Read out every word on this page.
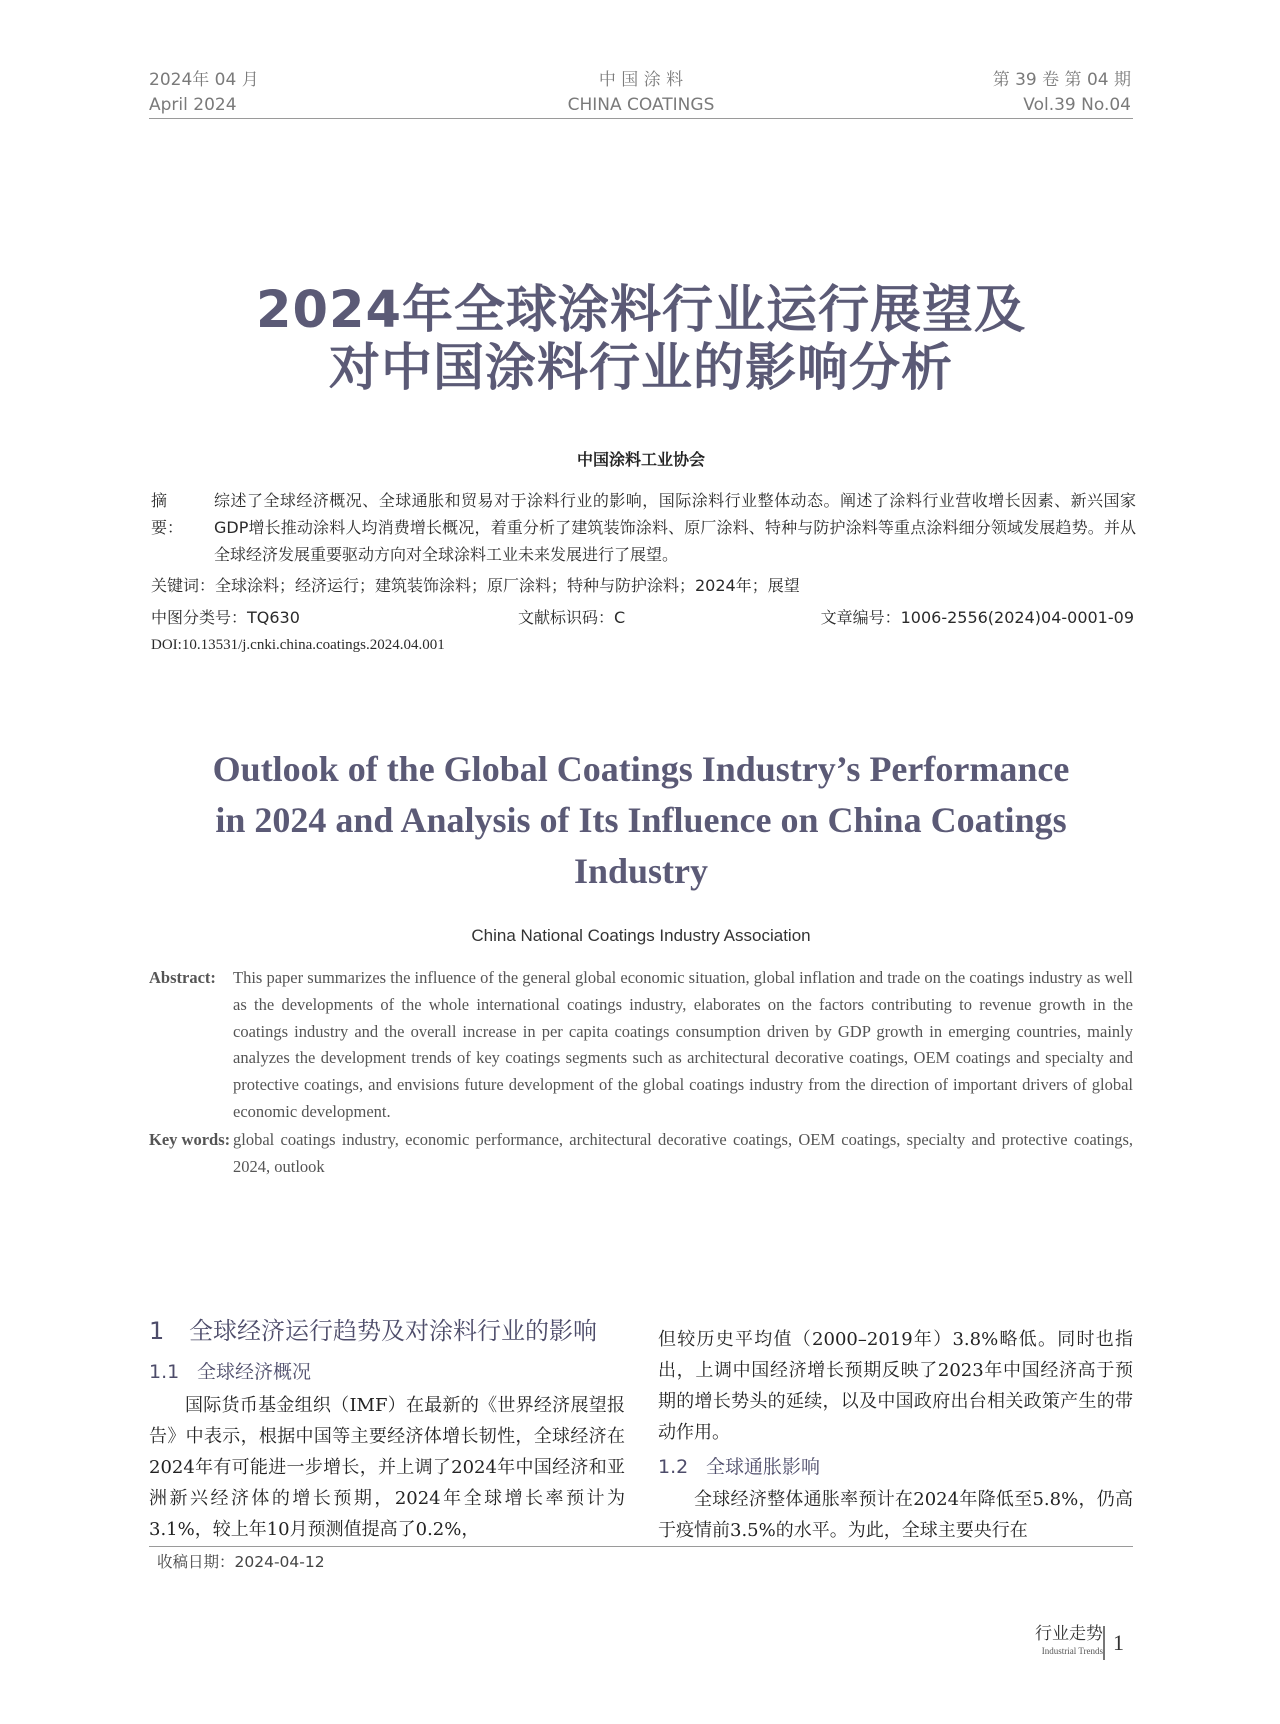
2024年 04 月
April 2024
中 国 涂 料
CHINA COATINGS
第 39 卷 第 04 期
Vol.39 No.04
2024年全球涂料行业运行展望及
对中国涂料行业的影响分析
中国涂料工业协会
摘　要：
综述了全球经济概况、全球通胀和贸易对于涂料行业的影响，国际涂料行业整体动态。阐述了涂料行业营收增长因素、新兴国家GDP增长推动涂料人均消费增长概况，着重分析了建筑装饰涂料、原厂涂料、特种与防护涂料等重点涂料细分领域发展趋势。并从全球经济发展重要驱动方向对全球涂料工业未来发展进行了展望。
关键词：全球涂料；经济运行；建筑装饰涂料；原厂涂料；特种与防护涂料；2024年；展望
中图分类号：TQ630	文献标识码：C	文章编号：1006-2556(2024)04-0001-09
DOI:10.13531/j.cnki.china.coatings.2024.04.001
Outlook of the Global Coatings Industry’s Performance
in 2024 and Analysis of Its Influence on China Coatings
Industry
China National Coatings Industry Association
Abstract:	This paper summarizes the influence of the general global economic situation, global inflation and trade on the coatings industry as well as the developments of the whole international coatings industry, elaborates on the factors contributing to revenue growth in the coatings industry and the overall increase in per capita coatings consumption driven by GDP growth in emerging countries, mainly analyzes the development trends of key coatings segments such as architectural decorative coatings, OEM coatings and specialty and protective coatings, and envisions future development of the global coatings industry from the direction of important drivers of global economic development.
Key words: global coatings industry, economic performance, architectural decorative coatings, OEM coatings, specialty and protective coatings, 2024, outlook
1 全球经济运行趋势及对涂料行业的影响
1.1 全球经济概况

国际货币基金组织（IMF）在最新的《世界经济展望报告》中表示，根据中国等主要经济体增长韧性，全球经济在2024年有可能进一步增长，并上调了2024年中国经济和亚洲新兴经济体的增长预期，2024年全球增长率预计为3.1%，较上年10月预测值提高了0.2%，

但较历史平均值（2000–2019年）3.8%略低。同时也指出，上调中国经济增长预期反映了2023年中国经济高于预期的增长势头的延续，以及中国政府出台相关政策产生的带动作用。

1.2 全球通胀影响

全球经济整体通胀率预计在2024年降低至5.8%，仍高于疫情前3.5%的水平。为此，全球主要央行在

收稿日期：2024-04-12
行业走势
Industrial Trends 1
